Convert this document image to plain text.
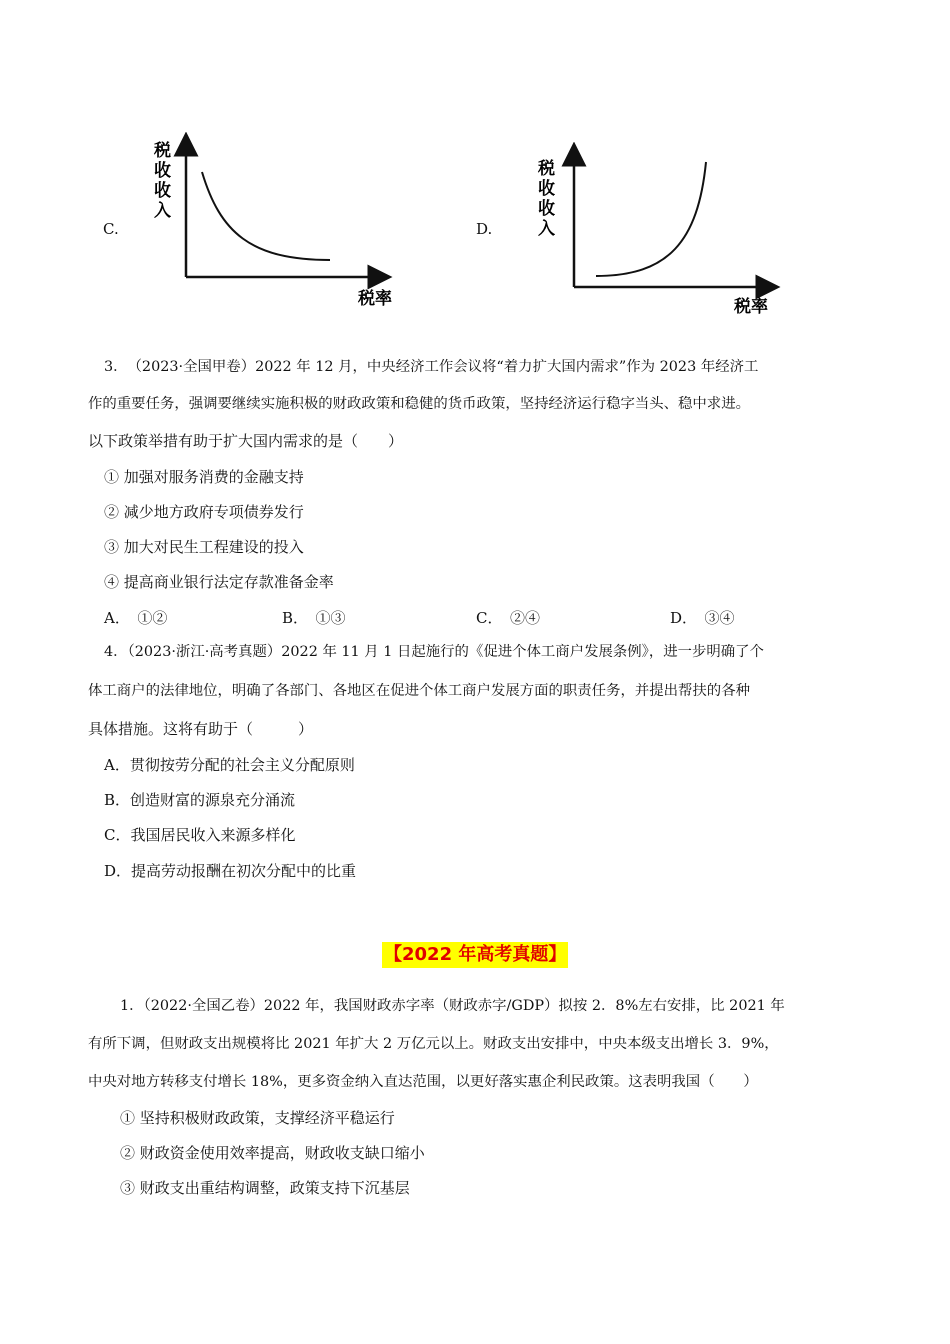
C.
税
收
收
入
税率
D.
税
收
收
入
税率
3．　（2023·全国甲卷）2022 年 12 月，中央经济工作会议将“着力扩大国内需求”作为 2023 年经济工
作的重要任务，强调要继续实施积极的财政政策和稳健的货币政策，坚持经济运行稳字当头、稳中求进。
以下政策举措有助于扩大国内需求的是（　　）
① 加强对服务消费的金融支持
② 减少地方政府专项债券发行
③ 加大对民生工程建设的投入
④ 提高商业银行法定存款准备金率
A．　①②	B．　①③	C．　②④	D．　③④
4．（2023·浙江·高考真题）2022 年 11 月 1 日起施行的《促进个体工商户发展条例》，进一步明确了个
体工商户的法律地位，明确了各部门、各地区在促进个体工商户发展方面的职责任务，并提出帮扶的各种
具体措施。这将有助于（　　　）
A．贯彻按劳分配的社会主义分配原则
B．创造财富的源泉充分涌流
C．我国居民收入来源多样化
D．提高劳动报酬在初次分配中的比重
【2022 年高考真题】
1．（2022·全国乙卷）2022 年，我国财政赤字率（财政赤字/GDP）拟按 2．8%左右安排，比 2021 年
有所下调，但财政支出规模将比 2021 年扩大 2 万亿元以上。财政支出安排中，中央本级支出增长 3．9%，
中央对地方转移支付增长 18%，更多资金纳入直达范围，以更好落实惠企利民政策。这表明我国（　　）
① 坚持积极财政政策，支撑经济平稳运行
② 财政资金使用效率提高，财政收支缺口缩小
③ 财政支出重结构调整，政策支持下沉基层
